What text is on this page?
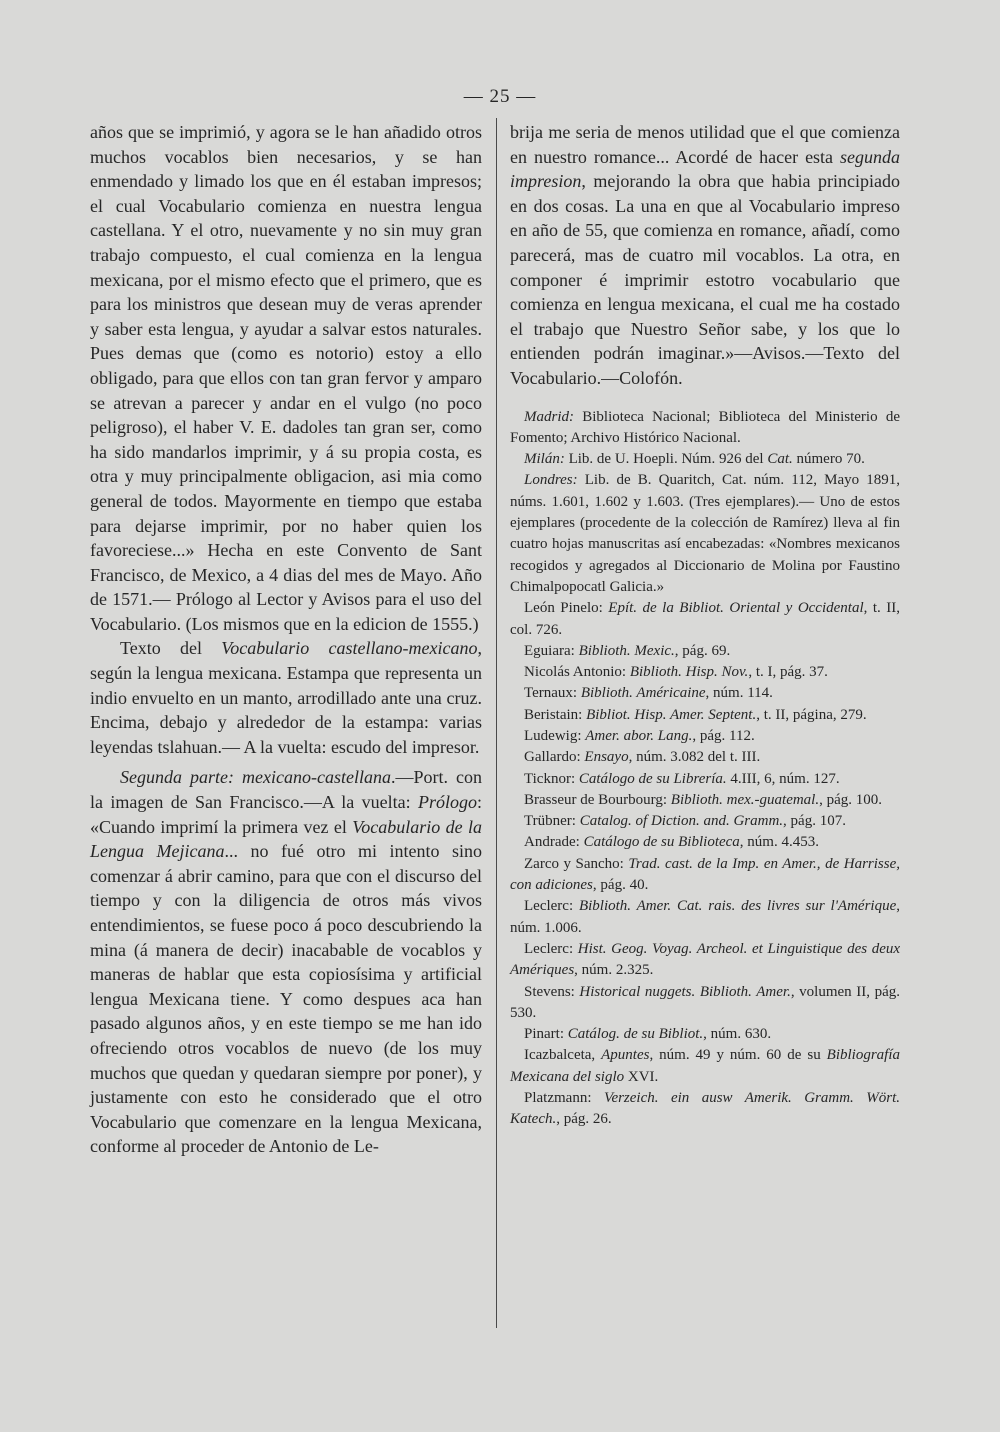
— 25 —

años que se imprimió, y agora se le han añadido otros muchos vocablos bien necesarios, y se han enmendado y limado los que en él estaban impresos; el cual Vocabulario comienza en nuestra lengua castellana. Y el otro, nuevamente y no sin muy gran trabajo compuesto, el cual comienza en la lengua mexicana, por el mismo efecto que el primero, que es para los ministros que desean muy de veras aprender y saber esta lengua, y ayudar a salvar estos naturales. Pues demas que (como es notorio) estoy a ello obligado, para que ellos con tan gran fervor y amparo se atrevan a parecer y andar en el vulgo (no poco peligroso), el haber V. E. dadoles tan gran ser, como ha sido mandarlos imprimir, y á su propia costa, es otra y muy principalmente obligacion, asi mia como general de todos. Mayormente en tiempo que estaba para dejarse imprimir, por no haber quien los favoreciese...» Hecha en este Convento de Sant Francisco, de Mexico, a 4 dias del mes de Mayo. Año de 1571.— Prólogo al Lector y Avisos para el uso del Vocabulario. (Los mismos que en la edicion de 1555.)

Texto del Vocabulario castellano-mexicano, según la lengua mexicana. Estampa que representa un indio envuelto en un manto, arrodillado ante una cruz. Encima, debajo y alrededor de la estampa: varias leyendas tslahuan.— A la vuelta: escudo del impresor.

Segunda parte: mexicano-castellana.—Port. con la imagen de San Francisco.—A la vuelta: Prólogo: «Cuando imprimí la primera vez el Vocabulario de la Lengua Mejicana... no fué otro mi intento sino comenzar á abrir camino, para que con el discurso del tiempo y con la diligencia de otros más vivos entendimientos, se fuese poco á poco descubriendo la mina (á manera de decir) inacabable de vocablos y maneras de hablar que esta copiosísima y artificial lengua Mexicana tiene. Y como despues aca han pasado algunos años, y en este tiempo se me han ido ofreciendo otros vocablos de nuevo (de los muy muchos que quedan y quedaran siempre por poner), y justamente con esto he considerado que el otro Vocabulario que comenzare en la lengua Mexicana, conforme al proceder de Antonio de Le-

brija me seria de menos utilidad que el que comienza en nuestro romance... Acordé de hacer esta segunda impresion, mejorando la obra que habia principiado en dos cosas. La una en que al Vocabulario impreso en año de 55, que comienza en romance, añadí, como parecerá, mas de cuatro mil vocablos. La otra, en componer é imprimir estotro vocabulario que comienza en lengua mexicana, el cual me ha costado el trabajo que Nuestro Señor sabe, y los que lo entienden podrán imaginar.»—Avisos.—Texto del Vocabulario.—Colofón.

Madrid: Biblioteca Nacional; Biblioteca del Ministerio de Fomento; Archivo Histórico Nacional.

Milán: Lib. de U. Hoepli. Núm. 926 del Cat. número 70.

Londres: Lib. de B. Quaritch, Cat. núm. 112, Mayo 1891, núms. 1.601, 1.602 y 1.603. (Tres ejemplares).— Uno de estos ejemplares (procedente de la colección de Ramírez) lleva al fin cuatro hojas manuscritas así encabezadas: «Nombres mexicanos recogidos y agregados al Diccionario de Molina por Faustino Chimalpopocatl Galicia.»

León Pinelo: Epít. de la Bibliot. Oriental y Occidental, t. II, col. 726.

Eguiara: Biblioth. Mexic., pág. 69.

Nicolás Antonio: Biblioth. Hisp. Nov., t. I, pág. 37.

Ternaux: Biblioth. Américaine, núm. 114.

Beristain: Bibliot. Hisp. Amer. Septent., t. II, página, 279.

Ludewig: Amer. abor. Lang., pág. 112.

Gallardo: Ensayo, núm. 3.082 del t. III.

Ticknor: Catálogo de su Librería. 4.III, 6, núm. 127.

Brasseur de Bourbourg: Biblioth. mex.-guatemal., pág. 100.

Trübner: Catalog. of Diction. and. Gramm., pág. 107.

Andrade: Catálogo de su Biblioteca, núm. 4.453.

Zarco y Sancho: Trad. cast. de la Imp. en Amer., de Harrisse, con adiciones, pág. 40.

Leclerc: Biblioth. Amer. Cat. rais. des livres sur l'Amérique, núm. 1.006.

Leclerc: Hist. Geog. Voyag. Archeol. et Linguistique des deux Amériques, núm. 2.325.

Stevens: Historical nuggets. Biblioth. Amer., volumen II, pág. 530.

Pinart: Catálog. de su Bibliot., núm. 630.

Icazbalceta, Apuntes, núm. 49 y núm. 60 de su Bibliografía Mexicana del siglo XVI.

Platzmann: Verzeich. ein ausw Amerik. Gramm. Wört. Katech., pág. 26.
